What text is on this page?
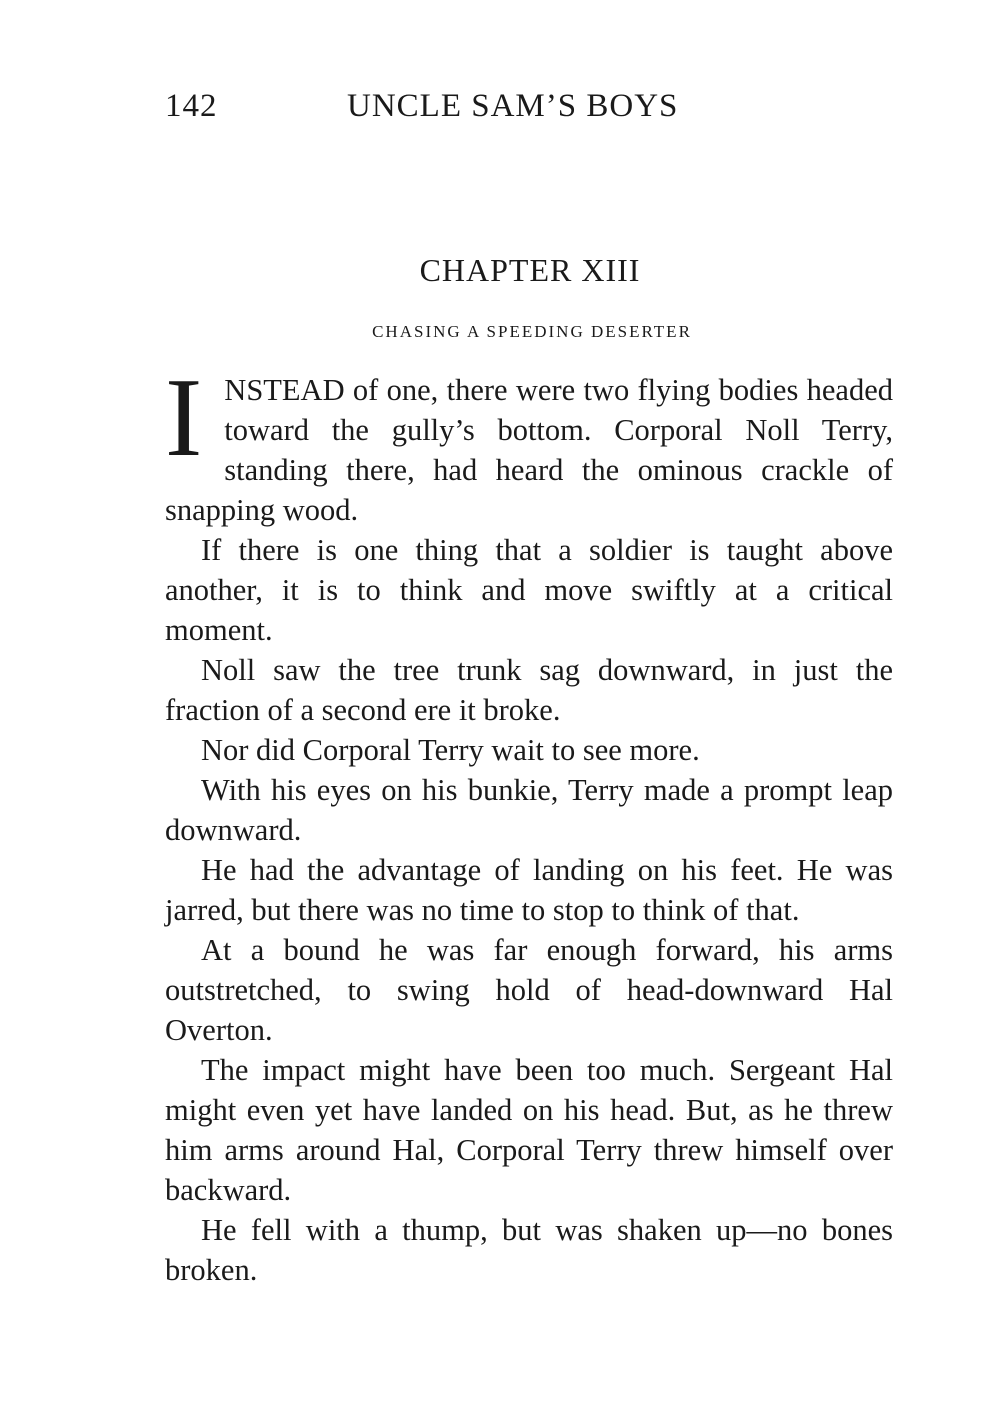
142	UNCLE SAM’S BOYS
CHAPTER XIII
CHASING A SPEEDING DESERTER

INSTEAD of one, there were two flying bodies headed toward the gully’s bottom. Corporal Noll Terry, standing there, had heard the ominous crackle of snapping wood.

If there is one thing that a soldier is taught above another, it is to think and move swiftly at a critical moment.

Noll saw the tree trunk sag downward, in just the fraction of a second ere it broke.

Nor did Corporal Terry wait to see more.

With his eyes on his bunkie, Terry made a prompt leap downward.

He had the advantage of landing on his feet. He was jarred, but there was no time to stop to think of that.

At a bound he was far enough forward, his arms outstretched, to swing hold of head-downward Hal Overton.

The impact might have been too much. Sergeant Hal might even yet have landed on his head. But, as he threw him arms around Hal, Corporal Terry threw himself over backward.

He fell with a thump, but was shaken up—no bones broken.
